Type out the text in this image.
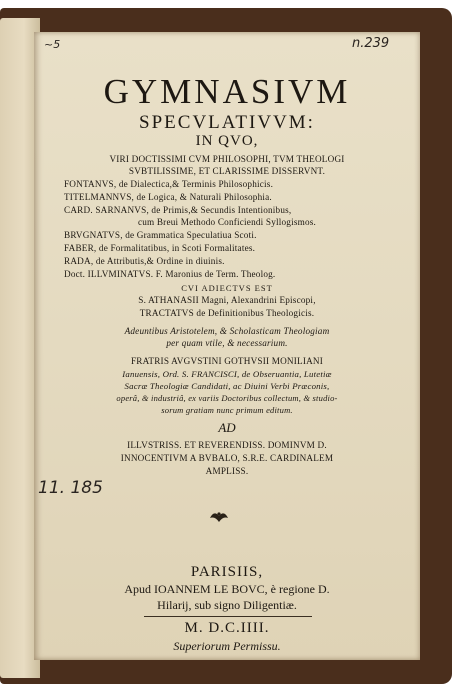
~5	n.239
GYMNASIVM
SPECVLATIVVM:
IN QVO,
VIRI DOCTISSIMI CVM PHILOSOPHI, TVM THEOLOGI
SVBTILISSIME, ET CLARISSIME DISSERVNT.
FONTANVS, de Dialectica,& Terminis Philosophicis.
TITELMANNVS, de Logica, & Naturali Philosophia.
CARD. SARNANVS, de Primis,& Secundis Intentionibus,
cum Breui Methodo Conficiendi Syllogismos.
BRVGNATVS, de Grammatica Speculatiua Scoti.
FABER, de Formalitatibus, in Scoti Formalitates.
RADA, de Attributis,& Ordine in diuinis.
Doct. ILLVMINATVS. F. Maronius de Term. Theolog.
CVI ADIECTVS EST
S. ATHANASII Magni, Alexandrini Episcopi,
TRACTATVS de Definitionibus Theologicis.
Adeuntibus Aristotelem, & Scholasticam Theologiam
per quam vtile, & necessarium.
FRATRIS AVGVSTINI GOTHVSII MONILIANI
Ianuensis, Ord. S. FRANCISCI, de Obseruantia, Lutetiæ
Sacræ Theologiæ Candidati, ac Diuini Verbi Præconis,
operâ, & industriâ, ex variis Doctoribus collectum, & studio-
sorum gratiam nunc primum editum.
AD
ILLVSTRISS. ET REVERENDISS. DOMINVM D.
INNOCENTIVM A BVBALO, S.R.E. CARDINALEM
AMPLISS.
11. 185
PARISIIS,
Apud IOANNEM LE BOVC, è regione D.
Hilarij, sub signo Diligentiæ.
M. D.C.IIII.
Superiorum Permissu.
